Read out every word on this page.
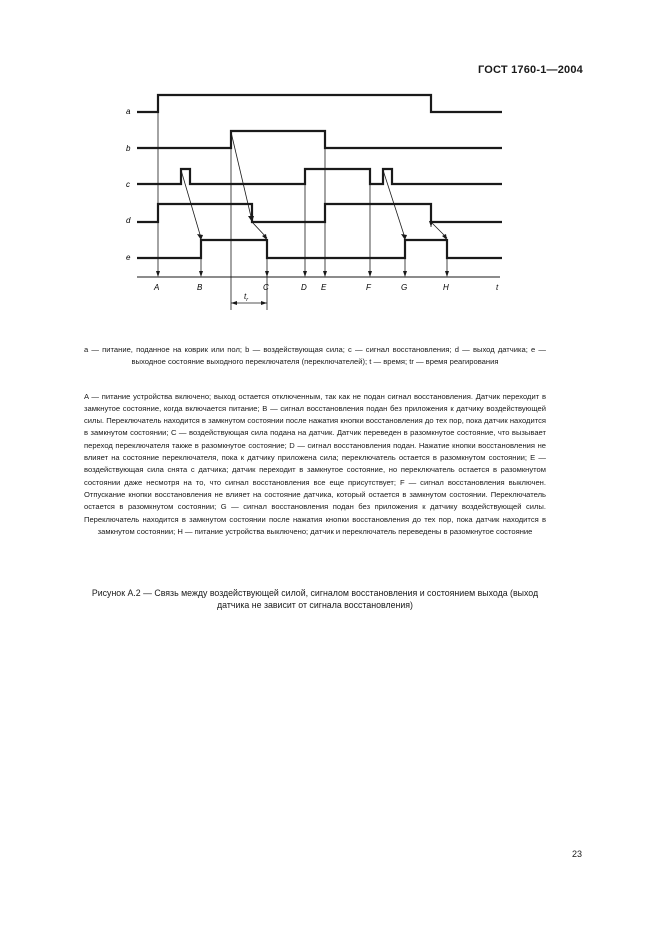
ГОСТ 1760-1—2004
a
b
c
d
e
A	B	C	D E	F	G	H	t
$t_r$

a — питание, поданное на коврик или пол; b — воздействующая сила; c — сигнал восстановления; d — выход датчика; e — выходное состояние выходного переключателя (переключателей); t — время; tr — время реагирования

A — питание устройства включено; выход остается отключенным, так как не подан сигнал восстановления. Датчик переходит в замкнутое состояние, когда включается питание; B — сигнал восстановления подан без приложения к датчику воздействующей силы. Переключатель находится в замкнутом состоянии после нажатия кнопки восстановления до тех пор, пока датчик находится в замкнутом состоянии; C — воздействующая сила подана на датчик. Датчик переведен в разомкнутое состояние, что вызывает переход переключателя также в разомкнутое состояние; D — сигнал восстановления подан. Нажатие кнопки восстановления не влияет на состояние переключателя, пока к датчику приложена сила; переключатель остается в разомкнутом состоянии; E — воздействующая сила снята с датчика; датчик переходит в замкнутое состояние, но переключатель остается в разомкнутом состоянии даже несмотря на то, что сигнал восстановления все еще присутствует; F — сигнал восстановления выключен. Отпускание кнопки восстановления не влияет на состояние датчика, который остается в замкнутом состоянии. Переключатель остается в разомкнутом состоянии; G — сигнал восстановления подан без приложения к датчику воздействующей силы. Переключатель находится в замкнутом состоянии после нажатия кнопки восстановления до тех пор, пока датчик находится в замкнутом состоянии; H — питание устройства выключено; датчик и переключатель переведены в разомкнутое состояние

Рисунок А.2 — Связь между воздействующей силой, сигналом восстановления и состоянием выхода (выход датчика не зависит от сигнала восстановления)

23
